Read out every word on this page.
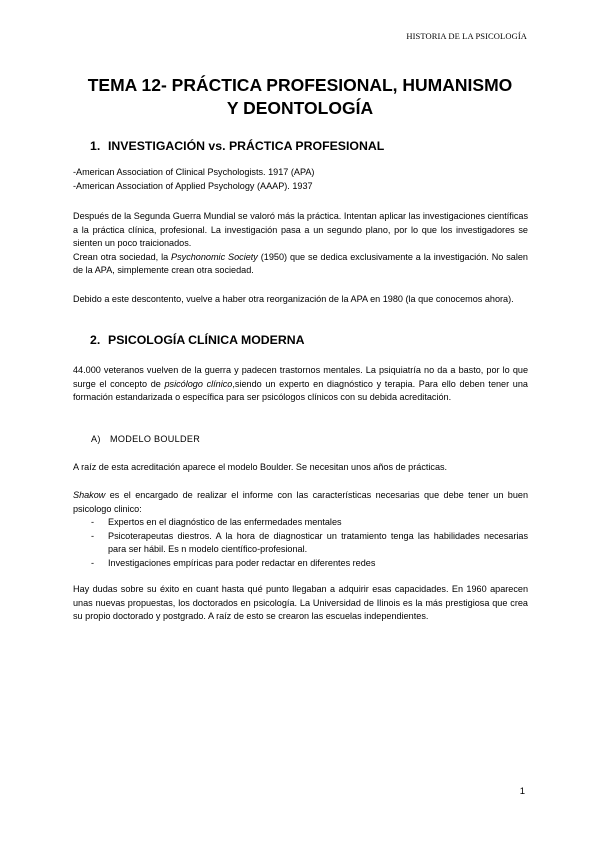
HISTORIA DE LA PSICOLOGÍA
TEMA 12- PRÁCTICA PROFESIONAL, HUMANISMO
Y DEONTOLOGÍA
1. INVESTIGACIÓN vs. PRÁCTICA PROFESIONAL
-American Association of Clinical Psychologists. 1917 (APA)
-American Association of Applied Psychology (AAAP). 1937

Después de la Segunda Guerra Mundial se valoró más la práctica. Intentan aplicar las investigaciones científicas a la práctica clínica, profesional. La investigación pasa a un segundo plano, por lo que los investigadores se sienten un poco traicionados.

Crean otra sociedad, la Psychonomic Society (1950) que se dedica exclusivamente a la investigación. No salen de la APA, simplemente crean otra sociedad.

Debido a este descontento, vuelve a haber otra reorganización de la APA en 1980 (la que conocemos ahora).

2. PSICOLOGÍA CLÍNICA MODERNA

44.000 veteranos vuelven de la guerra y padecen trastornos mentales. La psiquiatría no da a basto, por lo que surge el concepto de psicólogo clínico,siendo un experto en diagnóstico y terapia. Para ello deben tener una formación estandarizada o específica para ser psicólogos clínicos con su debida acreditación.

A) MODELO BOULDER

A raíz de esta acreditación aparece el modelo Boulder. Se necesitan unos años de prácticas.

Shakow es el encargado de realizar el informe con las características necesarias que debe tener un buen psicologo clinico:

- Expertos en el diagnóstico de las enfermedades mentales
- Psicoterapeutas diestros. A la hora de diagnosticar un tratamiento tenga las habilidades necesarias para ser hábil. Es n modelo científico-profesional.
- Investigaciones empíricas para poder redactar en diferentes redes

Hay dudas sobre su éxito en cuant hasta qué punto llegaban a adquirir esas capacidades. En 1960 aparecen unas nuevas propuestas, los doctorados en psicología. La Universidad de Ilinois es la más prestigiosa que crea su propio doctorado y postgrado. A raíz de esto se crearon las escuelas independientes.

1
